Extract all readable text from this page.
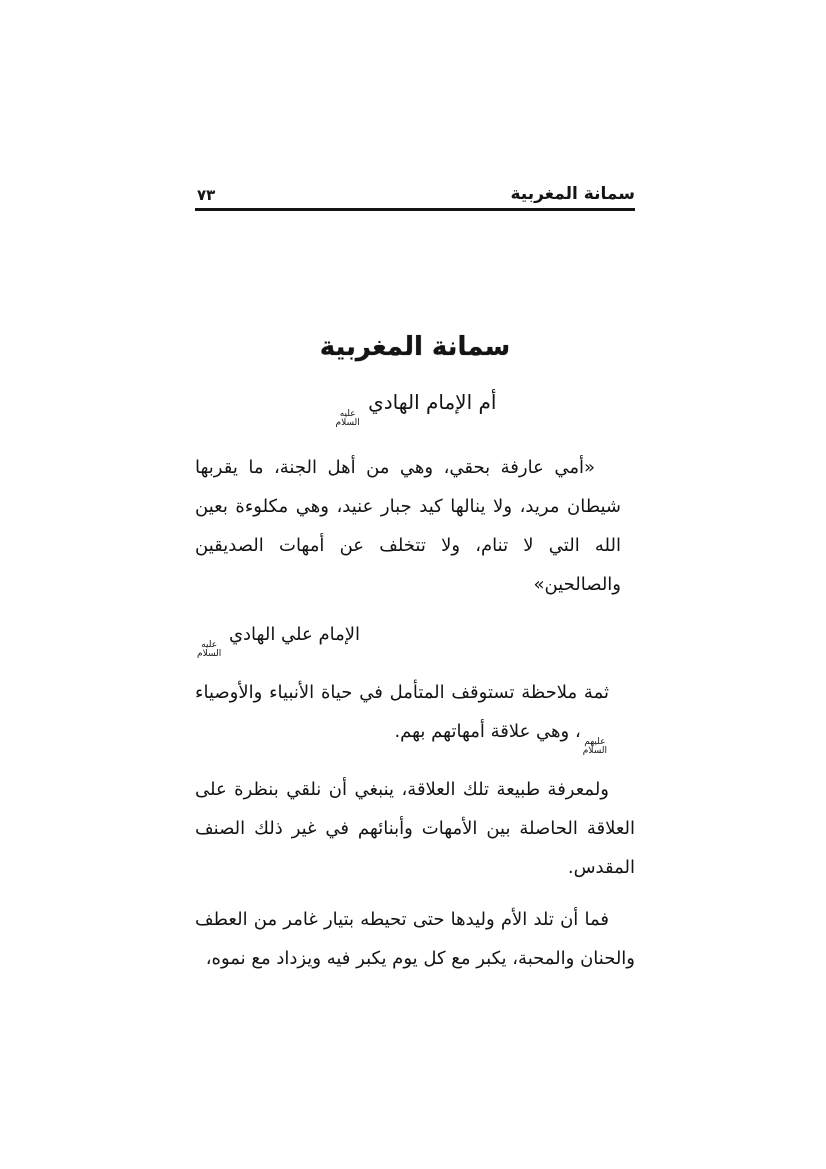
سمانة المغربية
٧٣
سمانة المغربية
أم الإمام الهادي
عليه
السلام
«أمي عارفة بحقي، وهي من أهل الجنة، ما يقربها شيطان مريد، ولا ينالها كيد جبار عنيد، وهي مكلوءة بعين الله التي لا تنام، ولا تتخلف عن أمهات الصديقين والصالحين»
الإمام علي الهادي
عليه
السلام

ثمة ملاحظة تستوقف المتأمل في حياة الأنبياء والأوصياء
عليهم
السلام
، وهي علاقة أمهاتهم بهم.

ولمعرفة طبيعة تلك العلاقة، ينبغي أن نلقي بنظرة على العلاقة الحاصلة بين الأمهات وأبنائهم في غير ذلك الصنف المقدس.

فما أن تلد الأم وليدها حتى تحيطه بتيار غامر من العطف والحنان والمحبة، يكبر مع كل يوم يكبر فيه ويزداد مع نموه،
